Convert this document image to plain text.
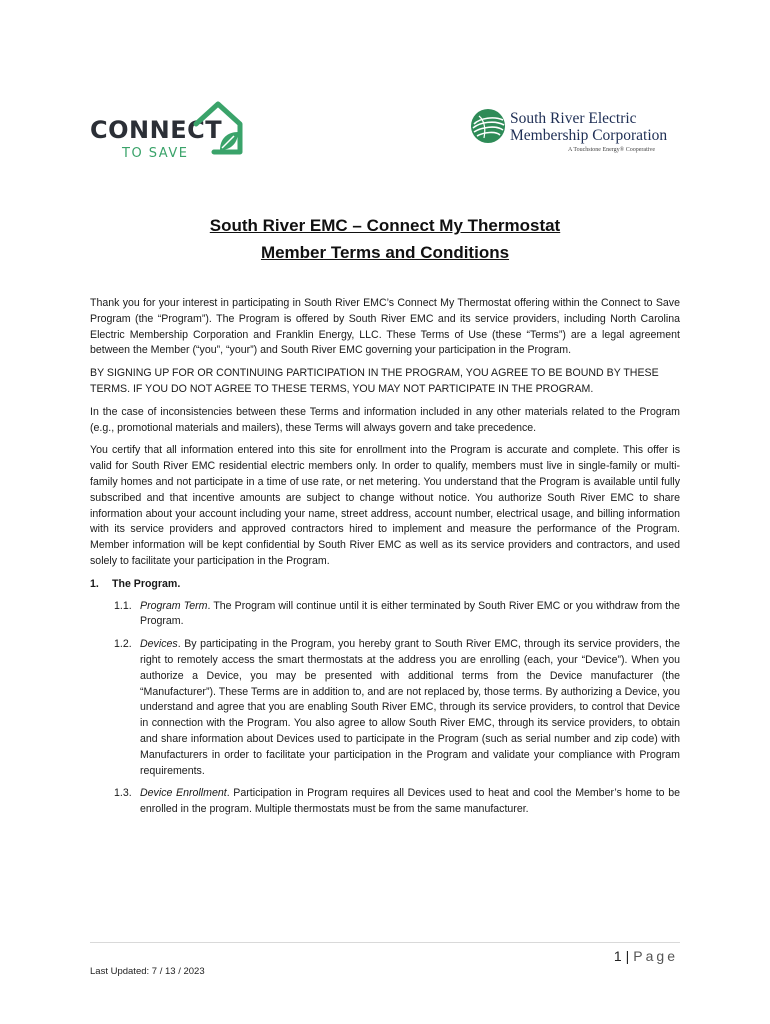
CONNECT
TO SAVE
South River Electric
Membership Corporation
A Touchstone Energy® Cooperative
South River EMC – Connect My Thermostat
Member Terms and Conditions

Thank you for your interest in participating in South River EMC’s Connect My Thermostat offering within the Connect to Save Program (the “Program”). The Program is offered by South River EMC and its service providers, including North Carolina Electric Membership Corporation and Franklin Energy, LLC. These Terms of Use (these “Terms”) are a legal agreement between the Member (“you”, “your”) and South River EMC governing your participation in the Program.

BY SIGNING UP FOR OR CONTINUING PARTICIPATION IN THE PROGRAM, YOU AGREE TO BE BOUND BY THESE TERMS. IF YOU DO NOT AGREE TO THESE TERMS, YOU MAY NOT PARTICIPATE IN THE PROGRAM.

In the case of inconsistencies between these Terms and information included in any other materials related to the Program (e.g., promotional materials and mailers), these Terms will always govern and take precedence.

You certify that all information entered into this site for enrollment into the Program is accurate and complete. This offer is valid for South River EMC residential electric members only. In order to qualify, members must live in single-family or multi-family homes and not participate in a time of use rate, or net metering. You understand that the Program is available until fully subscribed and that incentive amounts are subject to change without notice. You authorize South River EMC to share information about your account including your name, street address, account number, electrical usage, and billing information with its service providers and approved contractors hired to implement and measure the performance of the Program. Member information will be kept confidential by South River EMC as well as its service providers and contractors, and used solely to facilitate your participation in the Program.

1.	The Program.
1.1. Program Term. The Program will continue until it is either terminated by South River EMC or you withdraw from the Program.
1.2. Devices. By participating in the Program, you hereby grant to South River EMC, through its service providers, the right to remotely access the smart thermostats at the address you are enrolling (each, your “Device”). When you authorize a Device, you may be presented with additional terms from the Device manufacturer (the “Manufacturer”). These Terms are in addition to, and are not replaced by, those terms. By authorizing a Device, you understand and agree that you are enabling South River EMC, through its service providers, to control that Device in connection with the Program. You also agree to allow South River EMC, through its service providers, to obtain and share information about Devices used to participate in the Program (such as serial number and zip code) with Manufacturers in order to facilitate your participation in the Program and validate your compliance with Program requirements.
1.3. Device Enrollment. Participation in Program requires all Devices used to heat and cool the Member’s home to be enrolled in the program. Multiple thermostats must be from the same manufacturer.
1 | Page
Last Updated: 7 / 13 / 2023
